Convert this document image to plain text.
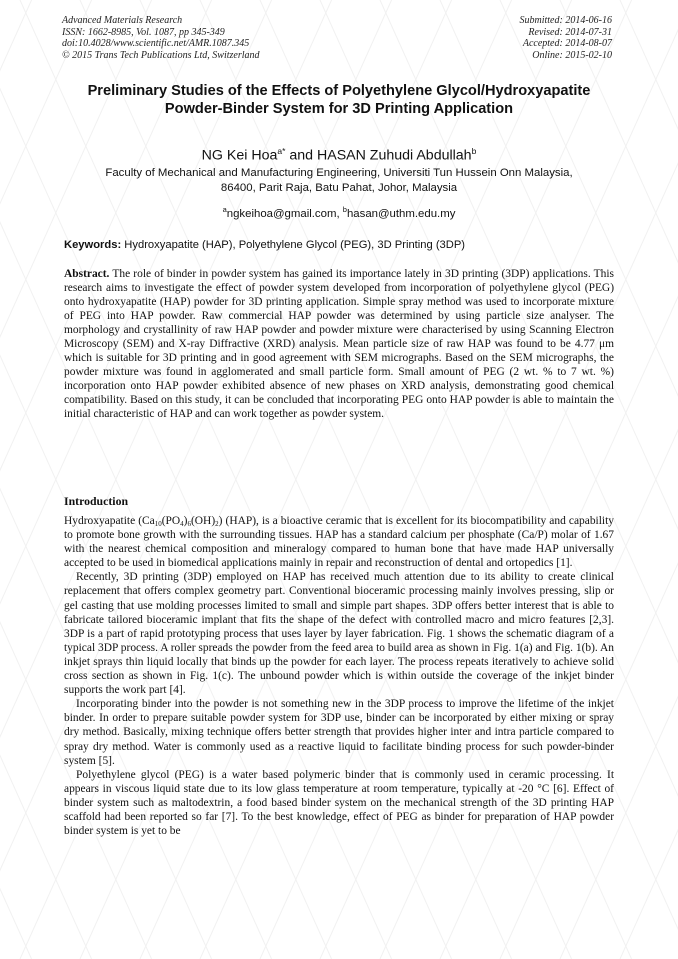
Advanced Materials Research
ISSN: 1662-8985, Vol. 1087, pp 345-349
doi:10.4028/www.scientific.net/AMR.1087.345
© 2015 Trans Tech Publications Ltd, Switzerland
Submitted: 2014-06-16
Revised: 2014-07-31
Accepted: 2014-08-07
Online: 2015-02-10
Preliminary Studies of the Effects of Polyethylene Glycol/Hydroxyapatite Powder-Binder System for 3D Printing Application
NG Kei Hoa$^{a*}$ and HASAN Zuhudi Abdullah$^b$
Faculty of Mechanical and Manufacturing Engineering, Universiti Tun Hussein Onn Malaysia,
86400, Parit Raja, Batu Pahat, Johor, Malaysia
$^a$ngkeihoa@gmail.com, $^b$hasan@uthm.edu.my
Keywords: Hydroxyapatite (HAP), Polyethylene Glycol (PEG), 3D Printing (3DP)
Abstract. The role of binder in powder system has gained its importance lately in 3D printing (3DP) applications. This research aims to investigate the effect of powder system developed from incorporation of polyethylene glycol (PEG) onto hydroxyapatite (HAP) powder for 3D printing application. Simple spray method was used to incorporate mixture of PEG into HAP powder. Raw commercial HAP powder was determined by using particle size analyser. The morphology and crystallinity of raw HAP powder and powder mixture were characterised by using Scanning Electron Microscopy (SEM) and X-ray Diffractive (XRD) analysis. Mean particle size of raw HAP was found to be 4.77 μm which is suitable for 3D printing and in good agreement with SEM micrographs. Based on the SEM micrographs, the powder mixture was found in agglomerated and small particle form. Small amount of PEG (2 wt. % to 7 wt. %) incorporation onto HAP powder exhibited absence of new phases on XRD analysis, demonstrating good chemical compatibility. Based on this study, it can be concluded that incorporating PEG onto HAP powder is able to maintain the initial characteristic of HAP and can work together as powder system.
Introduction

Hydroxyapatite $(Ca_{10}(PO_4)_6(OH)_2)$ (HAP), is a bioactive ceramic that is excellent for its biocompatibility and capability to promote bone growth with the surrounding tissues. HAP has a standard calcium per phosphate (Ca/P) molar of 1.67 with the nearest chemical composition and mineralogy compared to human bone that have made HAP universally accepted to be used in biomedical applications mainly in repair and reconstruction of dental and ortopedics [1].

Recently, 3D printing (3DP) employed on HAP has received much attention due to its ability to create clinical replacement that offers complex geometry part. Conventional bioceramic processing mainly involves pressing, slip or gel casting that use molding processes limited to small and simple part shapes. 3DP offers better interest that is able to fabricate tailored bioceramic implant that fits the shape of the defect with controlled macro and micro features [2,3]. 3DP is a part of rapid prototyping process that uses layer by layer fabrication. Fig. 1 shows the schematic diagram of a typical 3DP process. A roller spreads the powder from the feed area to build area as shown in Fig. 1(a) and Fig. 1(b). An inkjet sprays thin liquid locally that binds up the powder for each layer. The process repeats iteratively to achieve solid cross section as shown in Fig. 1(c). The unbound powder which is within outside the coverage of the inkjet binder supports the work part [4].

Incorporating binder into the powder is not something new in the 3DP process to improve the lifetime of the inkjet binder. In order to prepare suitable powder system for 3DP use, binder can be incorporated by either mixing or spray dry method. Basically, mixing technique offers better strength that provides higher inter and intra particle compared to spray dry method. Water is commonly used as a reactive liquid to facilitate binding process for such powder-binder system [5].

Polyethylene glycol (PEG) is a water based polymeric binder that is commonly used in ceramic processing. It appears in viscous liquid state due to its low glass temperature at room temperature, typically at -20 °C [6]. Effect of binder system such as maltodextrin, a food based binder system on the mechanical strength of the 3D printing HAP scaffold had been reported so far [7]. To the best knowledge, effect of PEG as binder for preparation of HAP powder binder system is yet to be
